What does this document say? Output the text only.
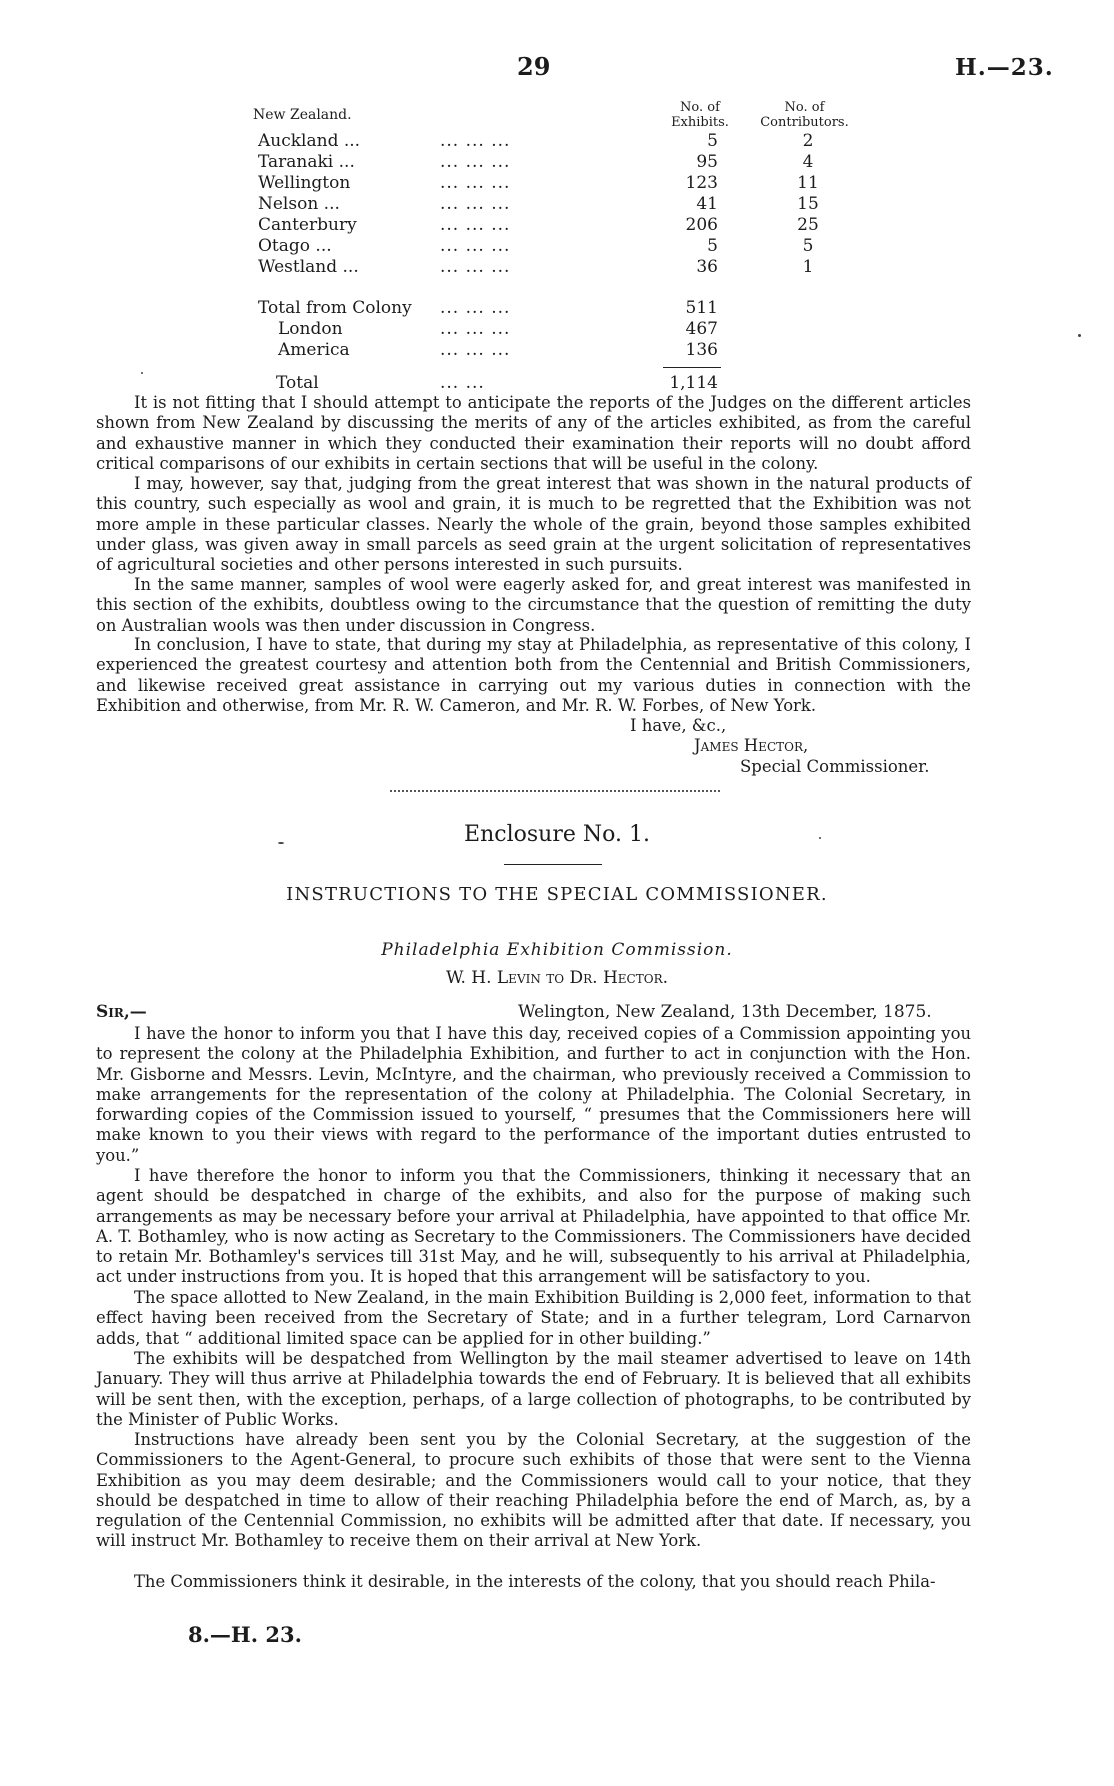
29	H.—23.
New Zealand.	No. of Exhibits.
No. of Contributors.
Auckland ...	... ... ...	5	2
Taranaki ...	... ... ...	95	4
Wellington	... ... ...	123	11
Nelson ...	... ... ...	41	15
Canterbury	... ... ...	206	25
Otago ...	... ... ...	5	5
Westland ...	... ... ...	36	1
Total from Colony ... ... ...	511
London	... ... ...	467
America	... ... ...	136
Total	... ...	1,114

It is not fitting that I should attempt to anticipate the reports of the Judges on the different articles shown from New Zealand by discussing the merits of any of the articles exhibited, as from the careful and exhaustive manner in which they conducted their examination their reports will no doubt afford critical comparisons of our exhibits in certain sections that will be useful in the colony.

I may, however, say that, judging from the great interest that was shown in the natural products of this country, such especially as wool and grain, it is much to be regretted that the Exhibition was not more ample in these particular classes. Nearly the whole of the grain, beyond those samples exhibited under glass, was given away in small parcels as seed grain at the urgent solicitation of representatives of agricultural societies and other persons interested in such pursuits.

In the same manner, samples of wool were eagerly asked for, and great interest was manifested in this section of the exhibits, doubtless owing to the circumstance that the question of remitting the duty on Australian wools was then under discussion in Congress.

In conclusion, I have to state, that during my stay at Philadelphia, as representative of this colony, I experienced the greatest courtesy and attention both from the Centennial and British Commissioners, and likewise received great assistance in carrying out my various duties in connection with the Exhibition and otherwise, from Mr. R. W. Cameron, and Mr. R. W. Forbes, of New York.

I have, &c.,
James Hector,
Special Commissioner.
Enclosure No. 1.
INSTRUCTIONS TO THE SPECIAL COMMISSIONER.
Philadelphia Exhibition Commission.
W. H. Levin to Dr. Hector.
Sir,—	Welington, New Zealand, 13th December, 1875.

I have the honor to inform you that I have this day, received copies of a Commission appointing you to represent the colony at the Philadelphia Exhibition, and further to act in conjunction with the Hon. Mr. Gisborne and Messrs. Levin, McIntyre, and the chairman, who previously received a Commission to make arrangements for the representation of the colony at Philadelphia. The Colonial Secretary, in forwarding copies of the Commission issued to yourself, “ presumes that the Commissioners here will make known to you their views with regard to the performance of the important duties entrusted to you.”

I have therefore the honor to inform you that the Commissioners, thinking it necessary that an agent should be despatched in charge of the exhibits, and also for the purpose of making such arrangements as may be necessary before your arrival at Philadelphia, have appointed to that office Mr. A. T. Bothamley, who is now acting as Secretary to the Commissioners. The Commissioners have decided to retain Mr. Bothamley's services till 31st May, and he will, subsequently to his arrival at Philadelphia, act under instructions from you. It is hoped that this arrangement will be satisfactory to you.

The space allotted to New Zealand, in the main Exhibition Building is 2,000 feet, information to that effect having been received from the Secretary of State; and in a further telegram, Lord Carnarvon adds, that “ additional limited space can be applied for in other building.”

The exhibits will be despatched from Wellington by the mail steamer advertised to leave on 14th January. They will thus arrive at Philadelphia towards the end of February. It is believed that all exhibits will be sent then, with the exception, perhaps, of a large collection of photographs, to be contributed by the Minister of Public Works.

Instructions have already been sent you by the Colonial Secretary, at the suggestion of the Commissioners to the Agent-General, to procure such exhibits of those that were sent to the Vienna Exhibition as you may deem desirable; and the Commissioners would call to your notice, that they should be despatched in time to allow of their reaching Philadelphia before the end of March, as, by a regulation of the Centennial Commission, no exhibits will be admitted after that date. If necessary, you will instruct Mr. Bothamley to receive them on their arrival at New York.

The Commissioners think it desirable, in the interests of the colony, that you should reach Phila-

8.—H. 23.
